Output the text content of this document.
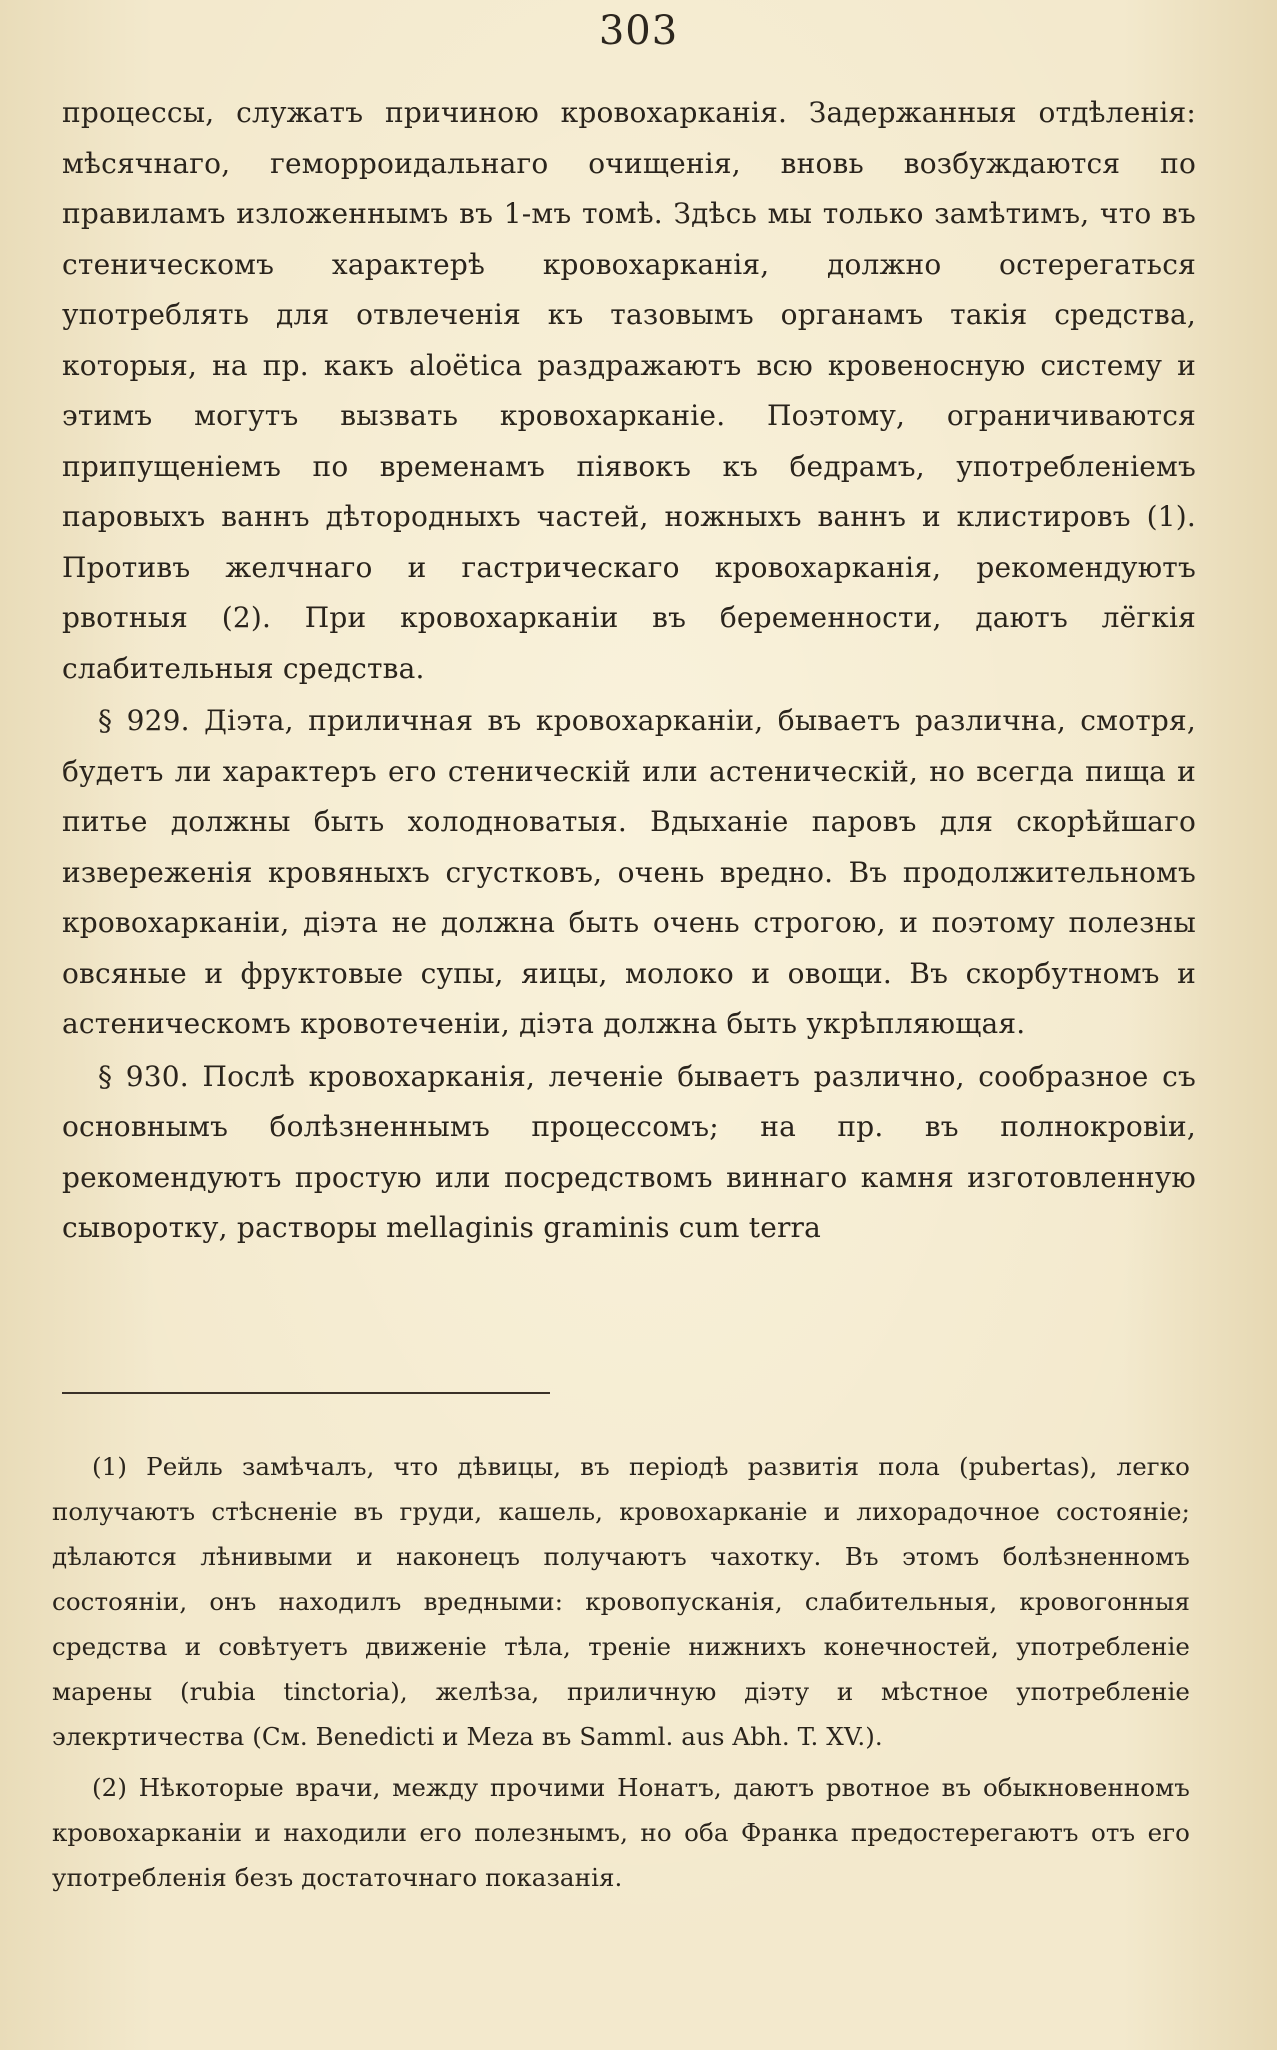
303

процессы, служатъ причиною кровохарканія. Задержанныя отдѣленія: мѣсячнаго, геморроидальнаго очищенія, вновь возбуждаются по правиламъ изложеннымъ въ 1-мъ томѣ. Здѣсь мы только замѣтимъ, что въ стеническомъ характерѣ кровохарканія, должно остерегаться употреблять для отвлеченія къ тазовымъ органамъ такія средства, которыя, на пр. какъ aloëtica раздражаютъ всю кровеносную систему и этимъ могутъ вызвать кровохарканіе. Поэтому, ограничиваются припущеніемъ по временамъ піявокъ къ бедрамъ, употребленіемъ паровыхъ ваннъ дѣтородныхъ частей, ножныхъ ваннъ и клистировъ (1). Противъ желчнаго и гастрическаго кровохарканія, рекомендуютъ рвотныя (2). При кровохарканіи въ беременности, даютъ лёгкія слабительныя средства.

§ 929. Діэта, приличная въ кровохарканіи, бываетъ различна, смотря, будетъ ли характеръ его стеническій или астеническій, но всегда пища и питье должны быть холодноватыя. Вдыханіе паровъ для скорѣйшаго извереженія кровяныхъ сгустковъ, очень вредно. Въ продолжительномъ кровохарканіи, діэта не должна быть очень строгою, и поэтому полезны овсяные и фруктовые супы, яицы, молоко и овощи. Въ скорбутномъ и астеническомъ кровотеченіи, діэта должна быть укрѣпляющая.

§ 930. Послѣ кровохарканія, леченіе бываетъ различно, сообразное съ основнымъ болѣзненнымъ процессомъ; на пр. въ полнокровіи, рекомендуютъ простую или посредствомъ виннаго камня изготовленную сыворотку, растворы mellaginis graminis cum terra

(1) Рейль замѣчалъ, что дѣвицы, въ періодѣ развитія пола (pubertas), легко получаютъ стѣсненіе въ груди, кашель, кровохарканіе и лихорадочное состояніе; дѣлаются лѣнивыми и наконецъ получаютъ чахотку. Въ этомъ болѣзненномъ состояніи, онъ находилъ вредными: кровопусканія, слабительныя, кровогонныя средства и совѣтуетъ движеніе тѣла, треніе нижнихъ конечностей, употребленіе марены (rubia tinctoria), желѣза, приличную діэту и мѣстное употребленіе элекртичества (См. Benedicti и Meza въ Samml. aus Abh. T. XV.).

(2) Нѣкоторые врачи, между прочими Нонатъ, даютъ рвотное въ обыкновенномъ кровохарканіи и находили его полезнымъ, но оба Франка предостерегаютъ отъ его употребленія безъ достаточнаго показанія.
